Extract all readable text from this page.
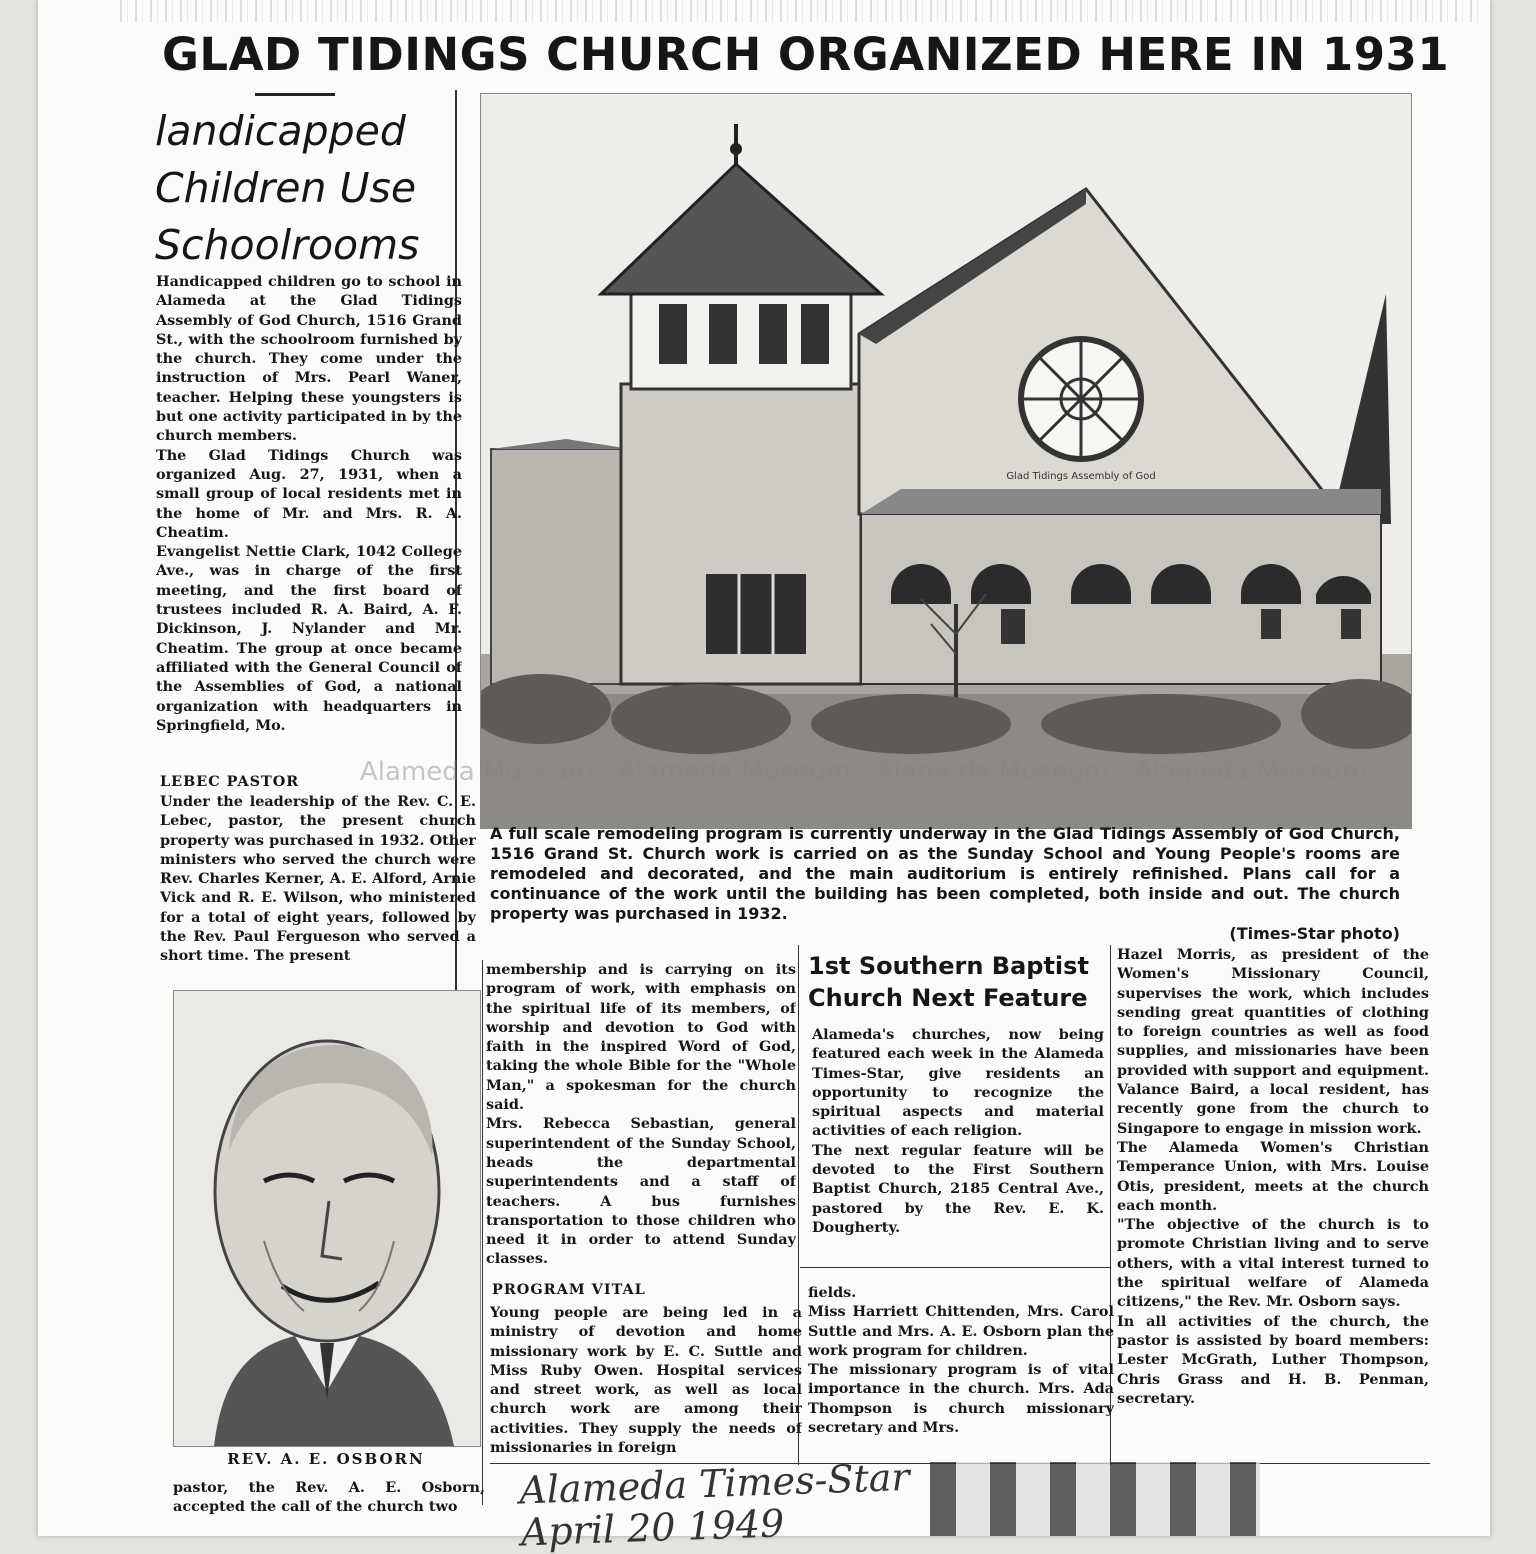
GLAD TIDINGS CHURCH ORGANIZED HERE IN 1931
landicapped
Children Use
Schoolrooms
Handicapped children go to school in Alameda at the Glad Tidings Assembly of God Church, 1516 Grand St., with the schoolroom furnished by the church. They come under the instruction of Mrs. Pearl Waner, teacher. Helping these youngsters is but one activity participated in by the church members.
The Glad Tidings Church was organized Aug. 27, 1931, when a small group of local residents met in the home of Mr. and Mrs. R. A. Cheatim.
Evangelist Nettie Clark, 1042 College Ave., was in charge of the first meeting, and the first board of trustees included R. A. Baird, A. F. Dickinson, J. Nylander and Mr. Cheatim. The group at once became affiliated with the General Council of the Assemblies of God, a national organization with headquarters in Springfield, Mo.
LEBEC PASTOR
Under the leadership of the Rev. C. E. Lebec, pastor, the present church property was purchased in 1932. Other ministers who served the church were Rev. Charles Kerner, A. E. Alford, Arnie Vick and R. E. Wilson, who ministered for a total of eight years, followed by the Rev. Paul Fergueson who served a short time. The present
REV. A. E. OSBORN
pastor, the Rev. A. E. Osborn, accepted the call of the church two
Glad Tidings Assembly of God
Alameda Museum · Alameda Museum · Alameda Museum · Alameda Museum
A full scale remodeling program is currently underway in the Glad Tidings Assembly of God Church, 1516 Grand St. Church work is carried on as the Sunday School and Young People's rooms are remodeled and decorated, and the main auditorium is entirely refinished. Plans call for a continuance of the work until the building has been completed, both inside and out. The church property was purchased in 1932.
(Times-Star photo)
membership and is carrying on its program of work, with emphasis on the spiritual life of its members, of worship and devotion to God with faith in the inspired Word of God, taking the whole Bible for the "Whole Man," a spokesman for the church said.
Mrs. Rebecca Sebastian, general superintendent of the Sunday School, heads the departmental superintendents and a staff of teachers. A bus furnishes transportation to those children who need it in order to attend Sunday classes.
PROGRAM VITAL
Young people are being led in a ministry of devotion and home missionary work by E. C. Suttle and Miss Ruby Owen. Hospital services and street work, as well as local church work are among their activities. They supply the needs of missionaries in foreign
1st Southern Baptist
Church Next Feature
Alameda's churches, now being featured each week in the Alameda Times-Star, give residents an opportunity to recognize the spiritual aspects and material activities of each religion.
The next regular feature will be devoted to the First Southern Baptist Church, 2185 Central Ave., pastored by the Rev. E. K. Dougherty.
fields.
Miss Harriett Chittenden, Mrs. Carol Suttle and Mrs. A. E. Osborn plan the work program for children.
The missionary program is of vital importance in the church. Mrs. Ada Thompson is church missionary secretary and Mrs.
Hazel Morris, as president of the Women's Missionary Council, supervises the work, which includes sending great quantities of clothing to foreign countries as well as food supplies, and missionaries have been provided with support and equipment. Valance Baird, a local resident, has recently gone from the church to Singapore to engage in mission work.
The Alameda Women's Christian Temperance Union, with Mrs. Louise Otis, president, meets at the church each month.
"The objective of the church is to promote Christian living and to serve others, with a vital interest turned to the spiritual welfare of Alameda citizens," the Rev. Mr. Osborn says.
In all activities of the church, the pastor is assisted by board members: Lester McGrath, Luther Thompson, Chris Grass and H. B. Penman, secretary.
Alameda Times-Star
April 20 1949
